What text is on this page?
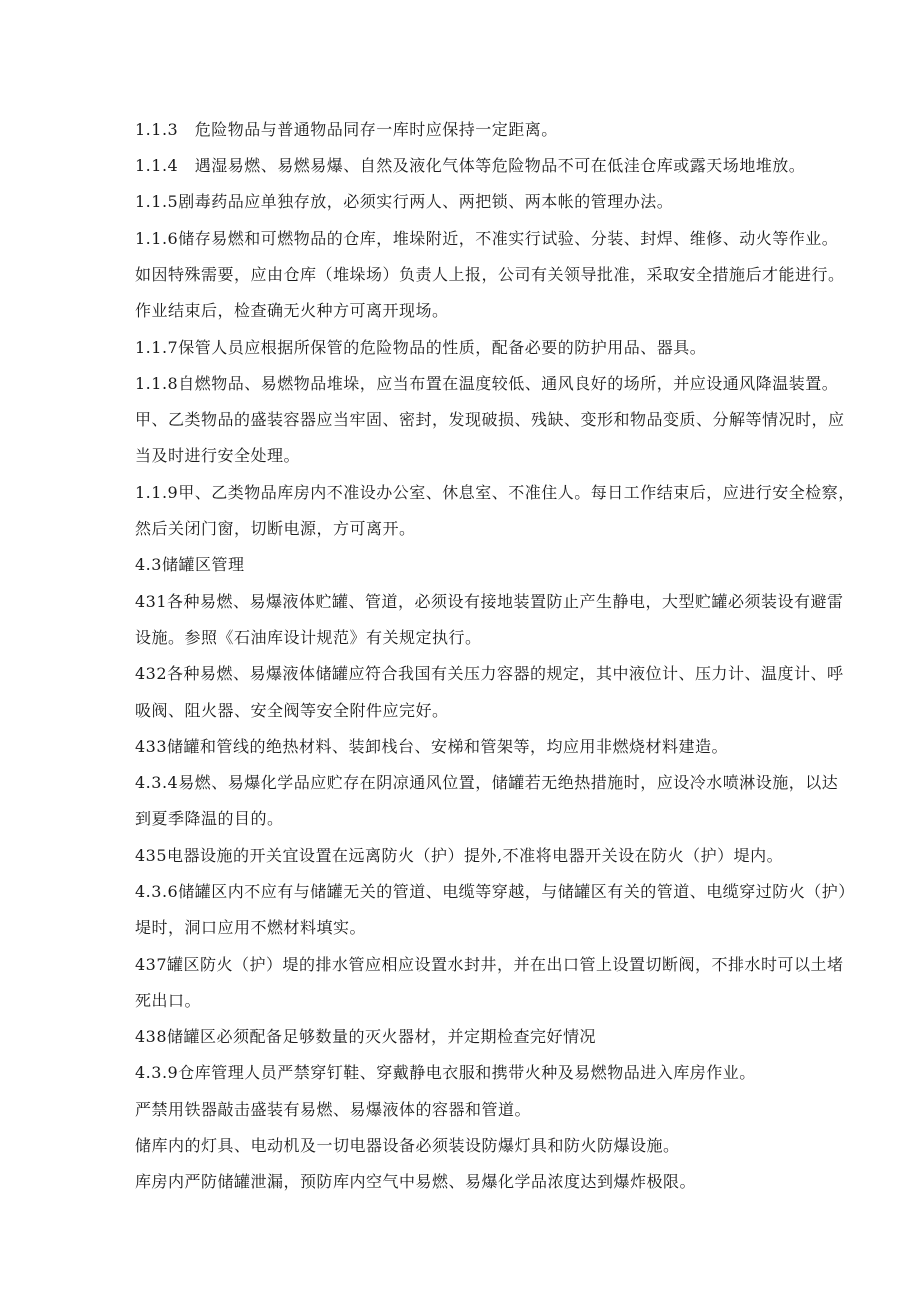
1.1.3　危险物品与普通物品同存一库时应保持一定距离。
1.1.4　遇湿易燃、易燃易爆、自然及液化气体等危险物品不可在低洼仓库或露天场地堆放。
1.1.5剧毒药品应单独存放，必须实行两人、两把锁、两本帐的管理办法。
1.1.6储存易燃和可燃物品的仓库，堆垛附近，不准实行试验、分装、封焊、维修、动火等作业。
如因特殊需要，应由仓库（堆垛场）负责人上报，公司有关领导批准，采取安全措施后才能进行。
作业结束后，检查确无火种方可离开现场。
1.1.7保管人员应根据所保管的危险物品的性质，配备必要的防护用品、器具。
1.1.8自燃物品、易燃物品堆垛，应当布置在温度较低、通风良好的场所，并应设通风降温装置。
甲、乙类物品的盛装容器应当牢固、密封，发现破损、残缺、变形和物品变质、分解等情况时，应
当及时进行安全处理。
1.1.9甲、乙类物品库房内不准设办公室、休息室、不准住人。每日工作结束后，应进行安全检察，
然后关闭门窗，切断电源，方可离开。
4.3储罐区管理
431各种易燃、易爆液体贮罐、管道，必须设有接地装置防止产生静电，大型贮罐必须装设有避雷
设施。参照《石油库设计规范》有关规定执行。
432各种易燃、易爆液体储罐应符合我国有关压力容器的规定，其中液位计、压力计、温度计、呼
吸阀、阻火器、安全阀等安全附件应完好。
433储罐和管线的绝热材料、装卸栈台、安梯和管架等，均应用非燃烧材料建造。
4.3.4易燃、易爆化学品应贮存在阴凉通风位置，储罐若无绝热措施时，应设冷水喷淋设施，以达
到夏季降温的目的。
435电器设施的开关宜设置在远离防火（护）提外,不准将电器开关设在防火（护）堤内。
4.3.6储罐区内不应有与储罐无关的管道、电缆等穿越，与储罐区有关的管道、电缆穿过防火（护）
堤时，洞口应用不燃材料填实。
437罐区防火（护）堤的排水管应相应设置水封井，并在出口管上设置切断阀，不排水时可以土堵
死出口。
438储罐区必须配备足够数量的灭火器材，并定期检查完好情况
4.3.9仓库管理人员严禁穿钉鞋、穿戴静电衣服和携带火种及易燃物品进入库房作业。
严禁用铁器敲击盛装有易燃、易爆液体的容器和管道。
储库内的灯具、电动机及一切电器设备必须装设防爆灯具和防火防爆设施。
库房内严防储罐泄漏，预防库内空气中易燃、易爆化学品浓度达到爆炸极限。
